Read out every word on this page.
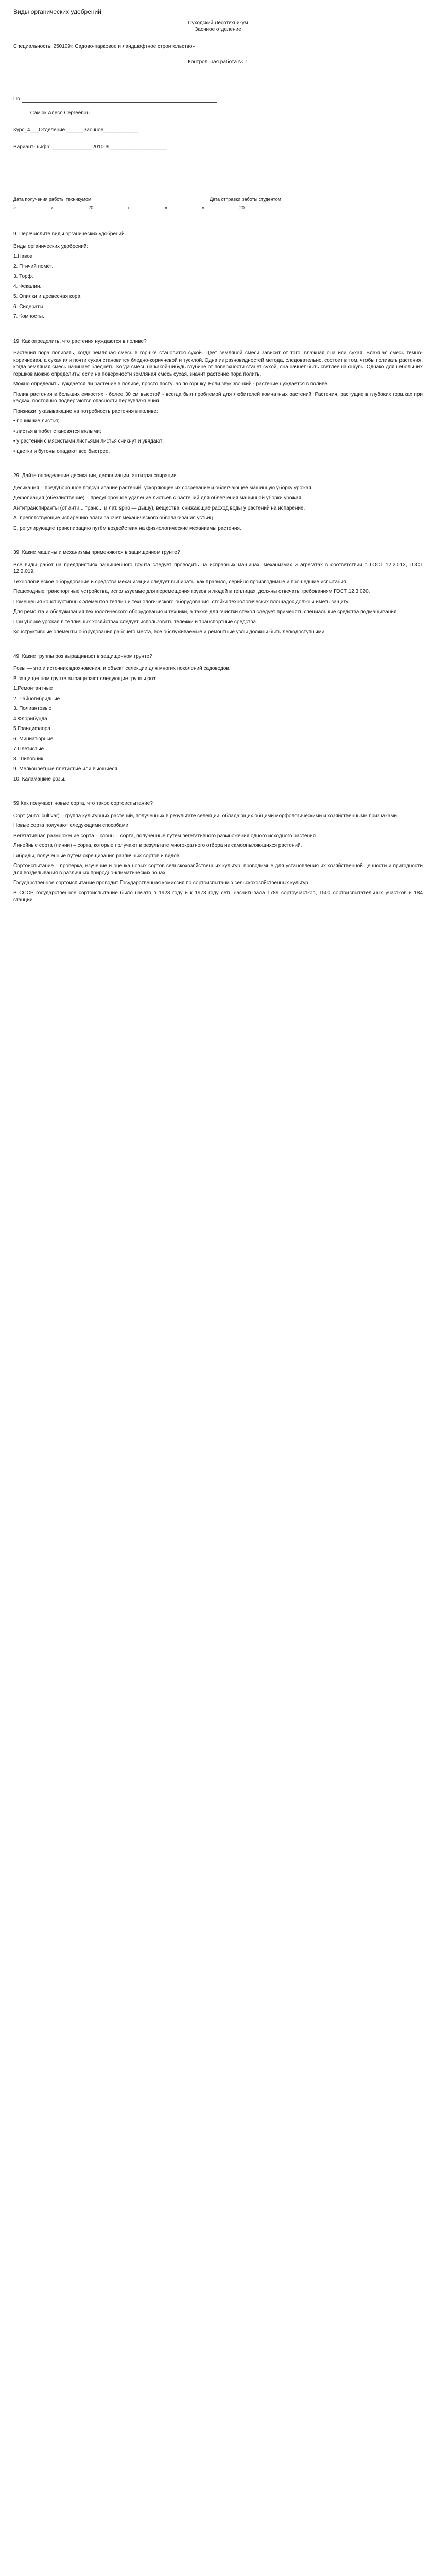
Виды органических удобрений
Суходский Лесотехникум
Заочное отделение
Специальность: 250109» Садово-парковое и ландшафтное строительство»
Контрольная работа № 1
По
Самюк Алеся Сергеевны
Курс_4___Отделение ______Заочное____________
Вариант-шифр: ______________201009____________________
Дата получения работы техникумом	Дата отправки работы студентом
«	»	20	г	«	»	20	г

9. Перечислите виды органических удобрений.

Виды органических удобрений:

1.Навоз

2. Птичий помёт.

3. Торф.

4. Фекалии.

5. Опилки и древесная кора.

6. Сидераты.

7. Компосты.

19. Как определить, что растения нуждаются в поливе?

Растения пора поливать, когда земляная смесь в горшке становится сухой. Цвет земляной смеси зависит от того, влажная она или сухая. Влажная смесь темно-коричневая, а сухая или почти сухая становится бледно-коричневой и тусклой. Одна из разновидностей метода, следовательно, состоит в том, чтобы поливать растения, когда земляная смесь начинает бледнеть. Когда смесь на какой-нибудь глубине от поверхности станет сухой, она начнет быть светлее на ощупь. Однако для небольших горшков можно определить: если на поверхности земляная смесь сухая, значит растение пора полить.

Можно определить нуждается ли растение в поливе, просто постучав по горшку. Если звук звонкий - растение нуждается в поливе.

Полив растения в больших емкостях - более 30 см высотой - всегда был проблемой для любителей комнатных растений. Растения, растущие в глубоких горшках при кадках, постоянно подвергаются опасности переувлажнения.

Признаки, указывающие на потребность растения в поливе:

• поникшие листья;

• листья в побег становятся вялыми;

• у растений с мясистыми листьями листья сникнут и увядают;

• цветки и бутоны опадают все быстрее.

29. Дайте определение десикации, дефолиации, антитранспирации.

Десикация – предуборочное подсушивание растений, ускоряющее их созревание и облегчающее машинную уборку урожая.

Дефолиация (обезлиствение) – предуборочное удаление листьев с растений для облегчения машинной уборки урожая.

Антитранспиранты (от анти... транс... и лат. spiro — дышу), вещества, снижающие расход воды у растений на испарение.

А. препятствующие испарению влаги за счёт механического обволакивания устьиц

Б. регулирующие транспирацию путём воздействия на физиологические механизмы растения.

39. Какие машины и механизмы применяются в защищенном грунте?

Все виды работ на предприятиях защищенного грунта следует проводить на исправных машинах, механизмах и агрегатах в соответствии с ГОСТ 12.2.013, ГОСТ 12.2.019.

Технологическое оборудование и средства механизации следует выбирать, как правило, серийно производимые и прошедшие испытания.

Пешеходные транспортные устройства, используемые для перемещения грузов и людей в теплицах, должны отвечать требованиям ГОСТ 12.3.020.

Помещения конструктивных элементов теплиц и технологического оборудования, стойки технологических площадок должны иметь защиту.

Для ремонта и обслуживания технологического оборудования и техники, а также для очистки стекол следует применять специальные средства подмащивания.

При уборке урожая в тепличных хозяйствах следует использовать тележки и транспортные средства.

Конструктивные элементы оборудования рабочего места, все обслуживаемые и ремонтные узлы должны быть легкодоступными.

49. Какие группы роз выращивают в защищенном грунте?

Розы — это и источник вдохновения, и объект селекции для многих поколений садоводов.

В защищенном грунте выращивают следующие группы роз:

1.Ремонтантные

2. Чайногибридные

3. Полиантовые

4.Флорибунда

5.Грандифлора

6. Миниатюрные

7.Плетистые

8. Шиповник

9. Мелкоцветные плетистые или вьющиеся

10. Каламанкие розы.

59.Как получают новые сорта, что такое сортоиспытание?

Сорт (англ. cultivar) – группа культурных растений, полученных в результате селекции, обладающих общими морфологическими и хозяйственными признаками.

Новые сорта получают следующими способами.

Вегетативная размножение сорта – клоны – сорта, полученные путём вегетативного размножения одного исходного растения.

Линейные сорта (линии) – сорта, которые получают в результате многократного отбора из самоопыляющихся растений.

Гибриды, полученные путём скрещивания различных сортов и видов.

Сортоиспытание – проверка, изучение и оценка новых сортов сельскохозяйственных культур, проводимые для установления их хозяйственной ценности и пригодности для возделывания в различных природно-климатических зонах.

Государственное сортоиспытание проводит Государственная комиссия по сортоиспытанию сельскохозяйственных культур.

В СССР государственное сортоиспытание было начато в 1923 году и к 1973 году сеть насчитывала 1789 сортоучастков, 1500 сортоиспытательных участков и 184 станции.
